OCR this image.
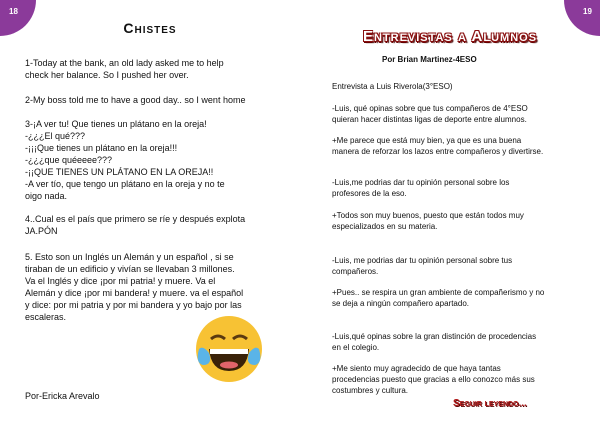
18
Chistes
1-Today at the bank, an old lady asked me to help
check her balance. So I pushed her over.
2-My boss told me to have a good day.. so I went home
3-¡A ver tu! Que tienes un plátano en la oreja!
-¿¿¿El qué???
-¡¡¡Que tienes un plátano en la oreja!!!
-¿¿¿que quéeeee???
-¡¡QUE TIENES UN PLÁTANO EN LA OREJA!!
-A ver tío, que tengo un plátano en la oreja y no te
oigo nada.
4..Cual es el país que primero se ríe y después explota
JA.PÓN
5. Esto son un Inglés un Alemán y un español , si se
tiraban de un edificio y vivían se llevaban 3 millones.
Va el Inglés y dice ¡por mi patria! y muere. Va el
Alemán y dice ¡por mi bandera! y muere. va el español
y dice: por mi patria y por mi bandera y yo bajo por las
escaleras.
Por-Ericka Arevalo
19
Entrevistas a Alumnos
Por Brian Martinez-4ESO
Entrevista a Luis Riverola(3°ESO)
-Luis, qué opinas sobre que tus compañeros de 4°ESO
quieran hacer distintas ligas de deporte entre alumnos.
+Me parece que está muy bien, ya que es una buena
manera de reforzar los lazos entre compañeros y divertirse.
-Luis,me podrias dar tu opinión personal sobre los
profesores de la eso.
+Todos son muy buenos, puesto que están todos muy
especializados en su materia.
-Luis, me podrias dar tu opinión personal sobre tus
compañeros.
+Pues.. se respira un gran ambiente de compañerismo y no
se deja a ningún compañero apartado.
-Luis,qué opinas sobre la gran distinción de procedencias
en el colegio.
+Me siento muy agradecido de que haya tantas
procedencias puesto que gracias a ello conozco más sus
costumbres y cultura.
Seguir leyendo...
